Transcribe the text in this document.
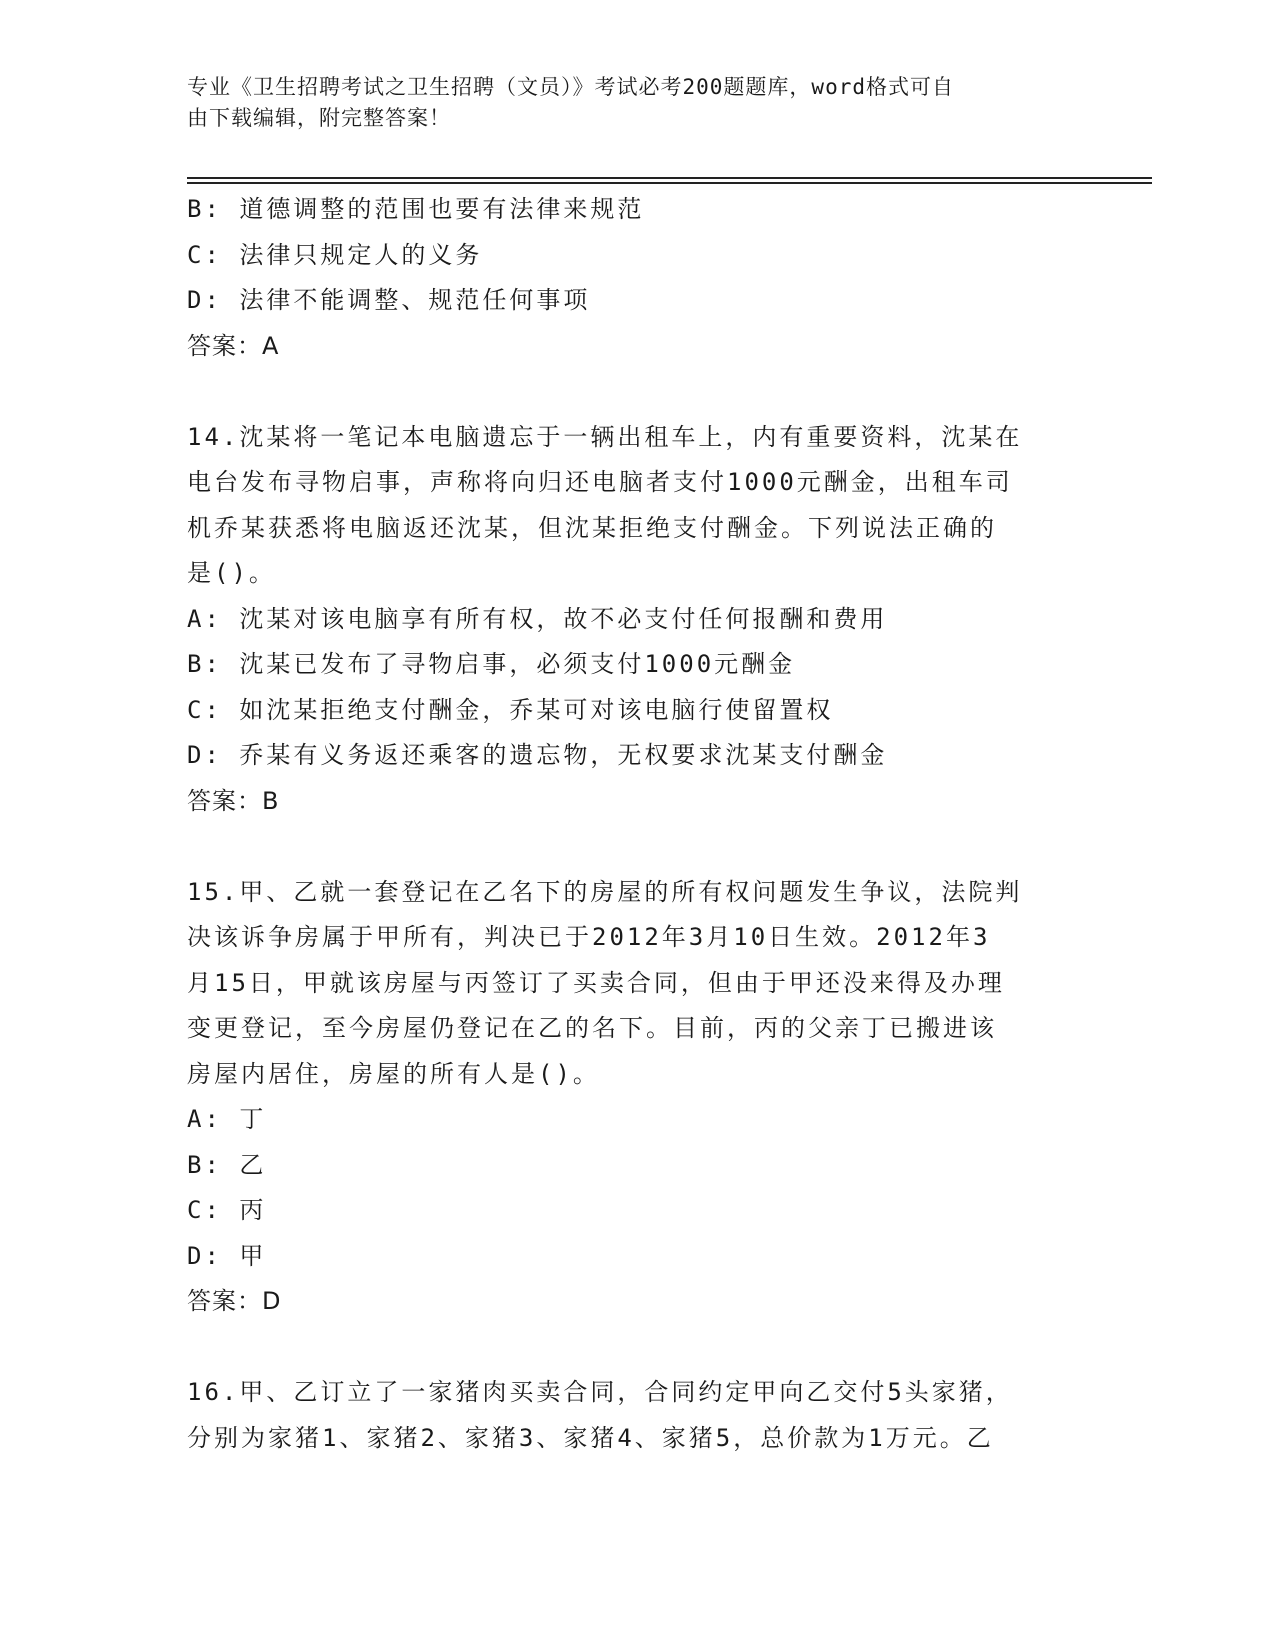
专业《卫生招聘考试之卫生招聘（文员）》考试必考200题题库，word格式可自
由下载编辑，附完整答案！
B: 道德调整的范围也要有法律来规范
C: 法律只规定人的义务
D: 法律不能调整、规范任何事项
答案：A
14.沈某将一笔记本电脑遗忘于一辆出租车上，内有重要资料，沈某在
电台发布寻物启事，声称将向归还电脑者支付1000元酬金，出租车司
机乔某获悉将电脑返还沈某，但沈某拒绝支付酬金。下列说法正确的
是()。
A: 沈某对该电脑享有所有权，故不必支付任何报酬和费用
B: 沈某已发布了寻物启事，必须支付1000元酬金
C: 如沈某拒绝支付酬金，乔某可对该电脑行使留置权
D: 乔某有义务返还乘客的遗忘物，无权要求沈某支付酬金
答案：B
15.甲、乙就一套登记在乙名下的房屋的所有权问题发生争议，法院判
决该诉争房属于甲所有，判决已于2012年3月10日生效。2012年3
月15日，甲就该房屋与丙签订了买卖合同，但由于甲还没来得及办理
变更登记，至今房屋仍登记在乙的名下。目前，丙的父亲丁已搬进该
房屋内居住，房屋的所有人是()。
A: 丁
B: 乙
C: 丙
D: 甲
答案：D
16.甲、乙订立了一家猪肉买卖合同，合同约定甲向乙交付5头家猪，
分别为家猪1、家猪2、家猪3、家猪4、家猪5，总价款为1万元。乙
